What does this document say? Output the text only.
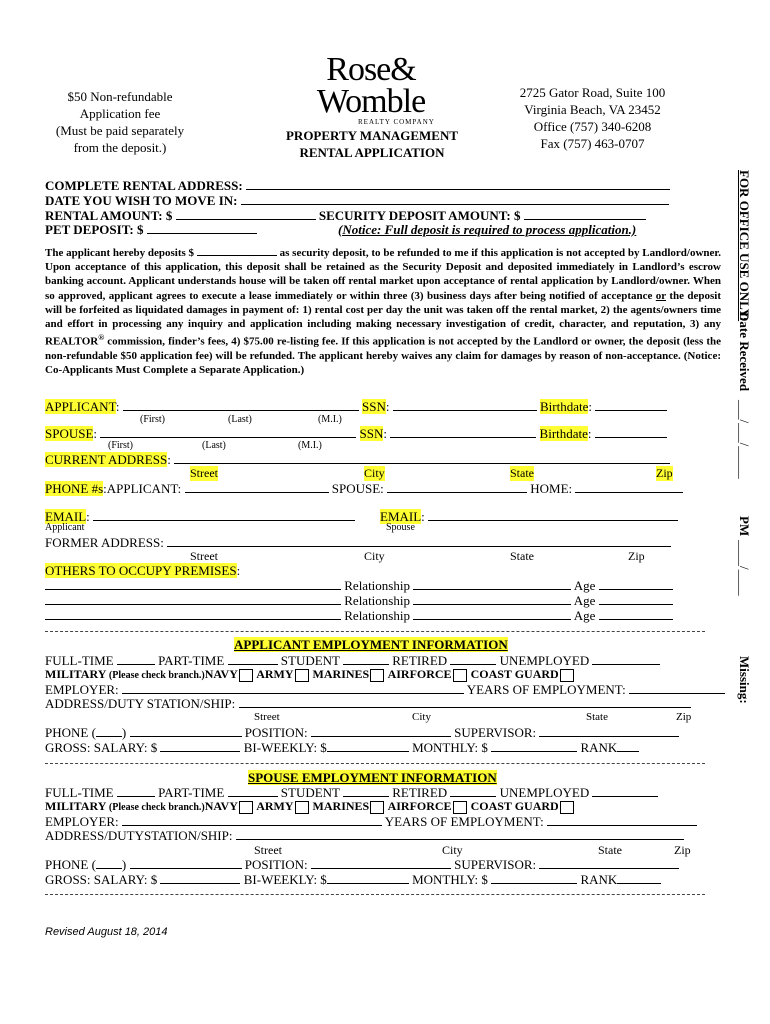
$50 Non-refundable
Application fee
(Must be paid separately
from the deposit.)
Rose& Womble
REALTY COMPANY
PROPERTY MANAGEMENT
RENTAL APPLICATION
2725 Gator Road, Suite 100
Virginia Beach, VA 23452
Office (757) 340-6208
Fax (757) 463-0707
COMPLETE RENTAL ADDRESS:
DATE YOU WISH TO MOVE IN:
RENTAL AMOUNT: $	SECURITY DEPOSIT AMOUNT: $
PET DEPOSIT: $	(Notice: Full deposit is required to process application.)
The applicant hereby deposits $	as security deposit, to be refunded to me if this application is not accepted by Landlord/owner. Upon acceptance of this application, this deposit shall be retained as the Security Deposit and deposited immediately in Landlord’s escrow banking account. Applicant understands house will be taken off rental market upon acceptance of rental application by Landlord/owner. When so approved, applicant agrees to execute a lease immediately or within three (3) business days after being notified of acceptance or the deposit will be forfeited as liquidated damages in payment of: 1) rental cost per day the unit was taken off the rental market, 2) the agents/owners time and effort in processing any inquiry and application including making necessary investigation of credit, character, and reputation, 3) any REALTOR® commission, finder’s fees, 4) $75.00 re-listing fee. If this application is not accepted by the Landlord or owner, the deposit (less the non-refundable $50 application fee) will be refunded. The applicant hereby waives any claim for damages by reason of non-acceptance. (Notice: Co-Applicants Must Complete a Separate Application.)
APPLICANT:	SSN:	Birthdate:
(First)	(Last)	(M.I.)
SPOUSE:	SSN:	Birthdate:
(First)	(Last)	(M.I.)
CURRENT ADDRESS:
Street	City	State	Zip
PHONE #s:APPLICANT:	SPOUSE:	HOME:
EMAIL:	EMAIL:
Applicant	Spouse
FORMER ADDRESS:
Street	City	State	Zip
OTHERS TO OCCUPY PREMISES:
Relationship	Age
Relationship	Age
Relationship	Age
APPLICANT EMPLOYMENT INFORMATION
FULL-TIME	PART-TIME	STUDENT	RETIRED	UNEMPLOYED
MILITARY (Please check branch.)NAVY ARMY MARINES AIRFORCE COAST GUARD
EMPLOYER:	YEARS OF EMPLOYMENT:
ADDRESS/DUTY STATION/SHIP:
Street	City	State	Zip
PHONE ( )	POSITION:	SUPERVISOR:
GROSS: SALARY: $	BI-WEEKLY: $	MONTHLY: $	RANK
SPOUSE EMPLOYMENT INFORMATION
FULL-TIME	PART-TIME	STUDENT	RETIRED	UNEMPLOYED
MILITARY (Please check branch.)NAVY ARMY MARINES AIRFORCE COAST GUARD
EMPLOYER:	YEARS OF EMPLOYMENT:
ADDRESS/DUTYSTATION/SHIP:
Street	City	State	Zip
PHONE ( )	POSITION:	SUPERVISOR:
GROSS: SALARY: $	BI-WEEKLY: $	MONTHLY: $	RANK
Revised August 18, 2014
FOR OFFICE USE ONLY:
Date Received
___/___/_____
PM
____/____
Missing:
